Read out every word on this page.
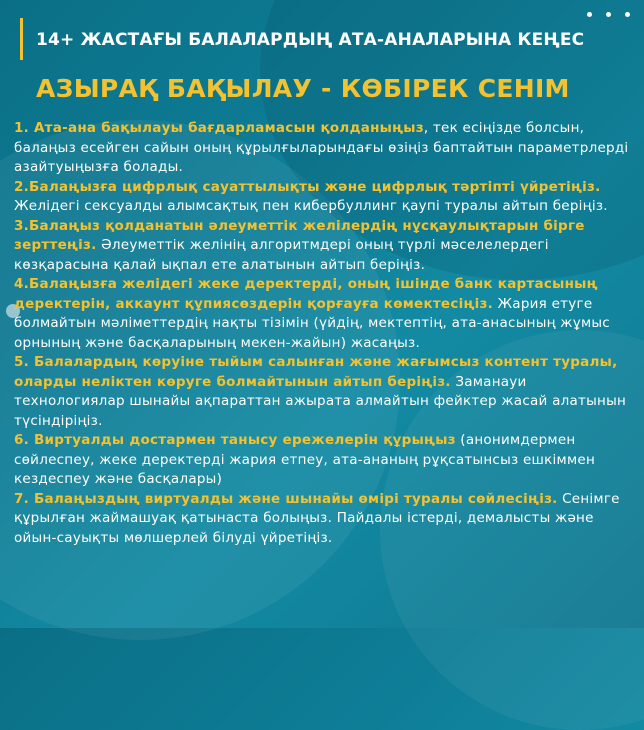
14+ ЖАСТАҒЫ БАЛАЛАРДЫҢ АТА-АНАЛАРЫНА КЕҢЕС
АЗЫРАҚ БАҚЫЛАУ - КӨБІРЕК СЕНІМ

1. Ата-ана бақылауы бағдарламасын қолданыңыз, тек есіңізде болсын, балаңыз есейген сайын оның құрылғыларындағы өзіңіз баптайтын параметрлерді азайтуыңызға болады.

2.Балаңызға цифрлық сауаттылықты және цифрлық тәртіпті үйретіңіз. Желідегі сексуалды алымсақтық пен кибербуллинг қаупі туралы айтып беріңіз.

3.Балаңыз қолданатын әлеуметтік желілердің нұсқаулықтарын бірге зерттеңіз. Әлеуметтік желінің алгоритмдері оның түрлі мәселелердегі көзқарасына қалай ықпал ете алатынын айтып беріңіз.

4.Балаңызға желідегі жеке деректерді, оның ішінде банк картасының деректерін, аккаунт құпиясөздерін қорғауға көмектесіңіз. Жария етуге болмайтын мәліметтердің нақты тізімін (үйдің, мектептің, ата-анасының жұмыс орнының және басқаларының мекен-жайын) жасаңыз.

5. Балалардың көруіне тыйым салынған және жағымсыз контент туралы, оларды неліктен көруге болмайтынын айтып беріңіз. Заманауи технологиялар шынайы ақпараттан ажырата алмайтын фейктер жасай алатынын түсіндіріңіз.

6. Виртуалды достармен танысу ережелерін құрыңыз (анонимдермен сөйлеспеу, жеке деректерді жария етпеу, ата-ананың рұқсатынсыз ешкіммен кездеспеу және басқалары)

7. Балаңыздың виртуалды және шынайы өмірі туралы сөйлесіңіз. Сенімге құрылған жаймашуақ қатынаста болыңыз. Пайдалы істерді, демалысты және ойын-сауықты мөлшерлей білуді үйретіңіз.
